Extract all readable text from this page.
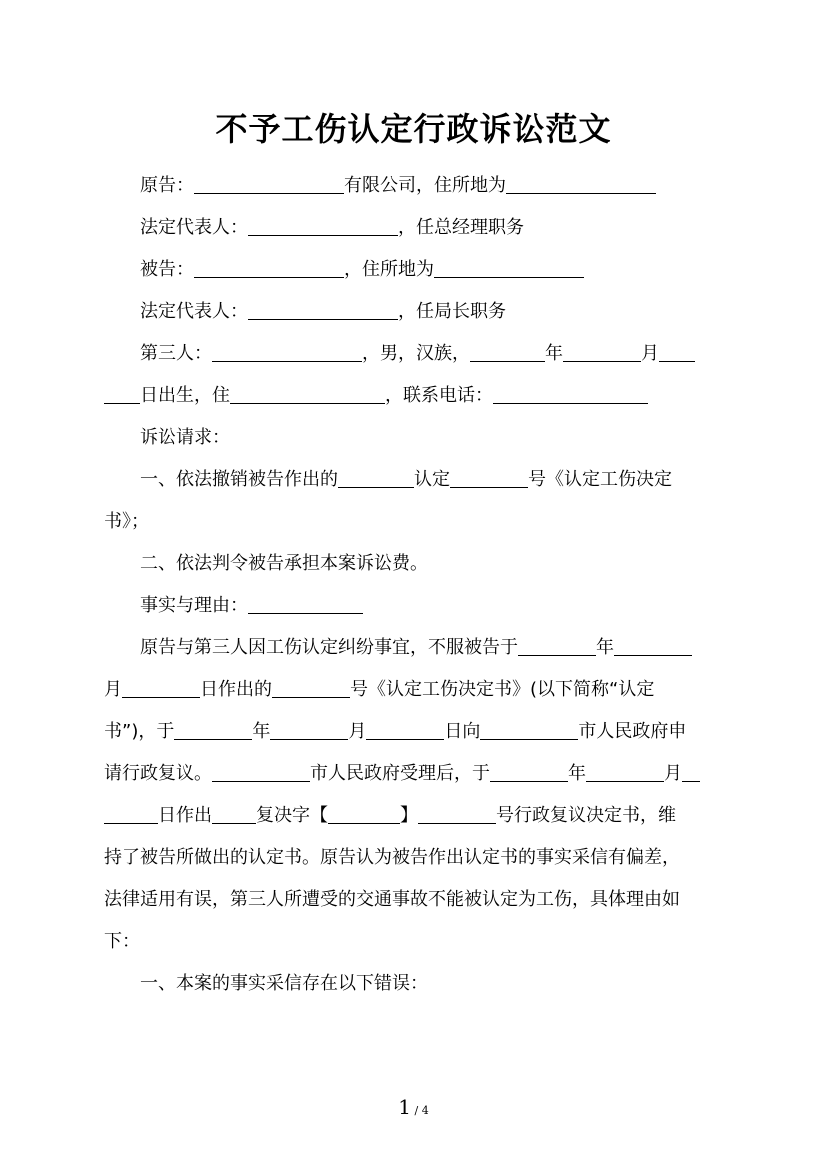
不予工伤认定行政诉讼范文
原告：	有限公司，住所地为
法定代表人：	，任总经理职务
被告：	，住所地为
法定代表人：	，任局长职务
第三人：	，男，汉族，	年	月
日出生，住	，联系电话：
诉讼请求：
一、依法撤销被告作出的	认定	号《认定工伤决定
书》；
二、依法判令被告承担本案诉讼费。
事实与理由：
原告与第三人因工伤认定纠纷事宜，不服被告于	年
月	日作出的	号《认定工伤决定书》(以下简称“认定
书”)，于	年	月	日向	市人民政府申
请行政复议。	市人民政府受理后，于	年	月
日作出 复决字【	】	号行政复议决定书，维
持了被告所做出的认定书。原告认为被告作出认定书的事实采信有偏差，
法律适用有误，第三人所遭受的交通事故不能被认定为工伤，具体理由如
下：
一、本案的事实采信存在以下错误：
1 / 4
